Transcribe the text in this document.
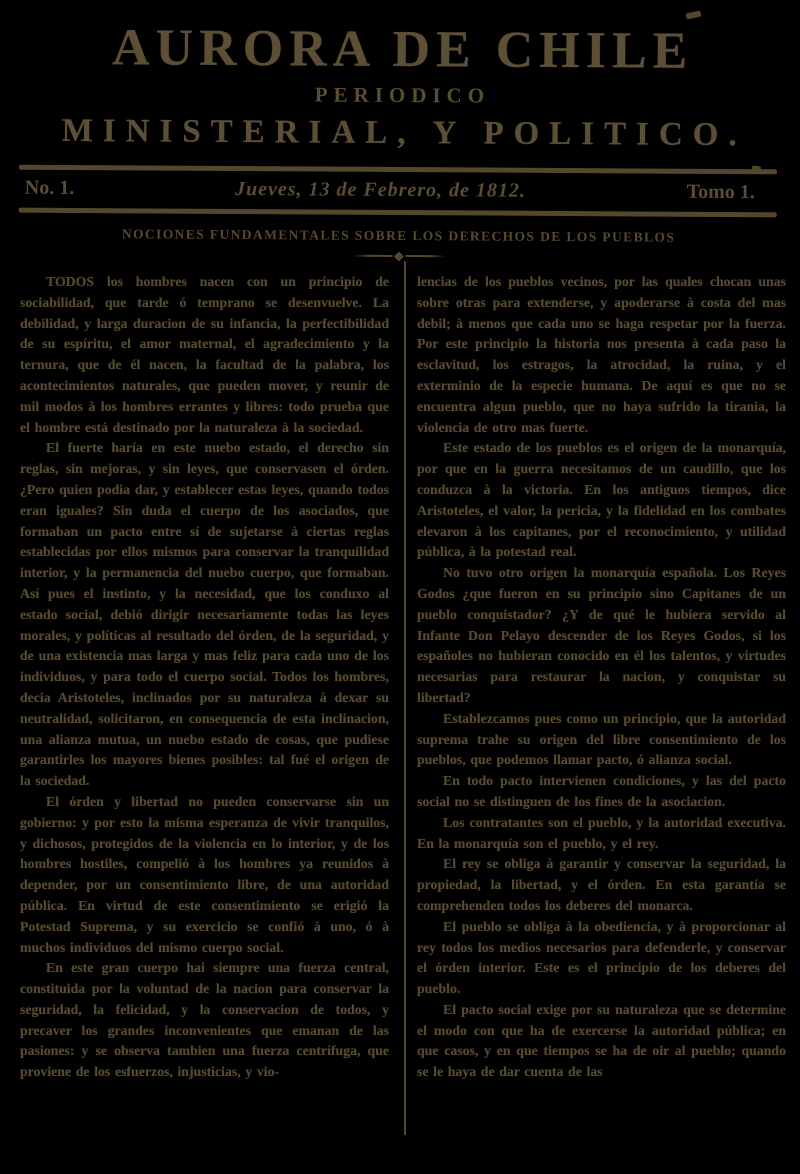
AURORA DE CHILE
PERIODICO
MINISTERIAL, Y POLITICO.
No. 1.	Jueves, 13 de Febrero, de 1812.	Tomo 1.
NOCIONES FUNDAMENTALES SOBRE LOS DERECHOS DE LOS PUEBLOS

TODOS los hombres nacen con un principio de sociabilidad, que tarde ó temprano se desenvuelve. La debilidad, y larga duracion de su infancia, la perfectibilidad de su espíritu, el amor maternal, el agradecimiento y la ternura, que de él nacen, la facultad de la palabra, los acontecimientos naturales, que pueden mover, y reunir de mil modos à los hombres errantes y libres: todo prueba que el hombre está destinado por la naturaleza à la sociedad.

El fuerte haría en este nuebo estado, el derecho sin reglas, sin mejoras, y sin leyes, que conservasen el órden. ¿Pero quien podia dar, y establecer estas leyes, quando todos eran iguales? Sin duda el cuerpo de los asociados, que formaban un pacto entre sí de sujetarse à ciertas reglas establecidas por ellos mismos para conservar la tranquilidad interior, y la permanencia del nuebo cuerpo, que formaban. Así pues el instinto, y la necesidad, que los conduxo al estado social, debió dirigir necesariamente todas las leyes morales, y políticas al resultado del órden, de la seguridad, y de una existencia mas larga y mas feliz para cada uno de los individuos, y para todo el cuerpo social. Todos los hombres, decia Aristoteles, inclinados por su naturaleza à dexar su neutralidad, solicitaron, en consequencia de esta inclinacion, una alianza mutua, un nuebo estado de cosas, que pudiese garantirles los mayores bienes posibles: tal fué el origen de la sociedad.

El órden y libertad no pueden conservarse sin un gobierno: y por esto la misma esperanza de vivir tranquilos, y dichosos, protegidos de la violencia en lo interior, y de los hombres hostiles, compelió à los hombres ya reunidos à depender, por un consentimiento libre, de una autoridad pública. En virtud de este consentimiento se erigió la Potestad Suprema, y su exercicio se confió à uno, ó à muchos individuos del mismo cuerpo social.

En este gran cuerpo hai siempre una fuerza central, constituida por la voluntad de la nacion para conservar la seguridad, la felicidad, y la conservacion de todos, y precaver los grandes inconvenientes que emanan de las pasiones: y se observa tambien una fuerza centrífuga, que proviene de los esfuerzos, injusticias, y vio-

lencias de los pueblos vecinos, por las quales chocan unas sobre otras para extenderse, y apoderarse à costa del mas debil; à menos que cada uno se haga respetar por la fuerza. Por este principio la historia nos presenta à cada paso la esclavitud, los estragos, la atrocidad, la ruina, y el exterminio de la especie humana. De aquí es que no se encuentra algun pueblo, que no haya sufrido la tirania, la violencia de otro mas fuerte.

Este estado de los pueblos es el origen de la monarquía, por que en la guerra necesitamos de un caudillo, que los conduzca à la victoria. En los antiguos tiempos, dice Aristoteles, el valor, la pericia, y la fidelidad en los combates elevaron à los capitanes, por el reconocimiento, y utilidad pública, à la potestad real.

No tuvo otro origen la monarquía española. Los Reyes Godos ¿que fueron en su principio sino Capitanes de un pueblo conquistador? ¿Y de qué le hubiera servido al Infante Don Pelayo descender de los Reyes Godos, si los españoles no hubieran conocido en él los talentos, y virtudes necesarias para restaurar la nacion, y conquistar su libertad?

Establezcamos pues como un principio, que la autoridad suprema trahe su origen del libre consentimiento de los pueblos, que podemos llamar pacto, ó alianza social.

En todo pacto intervienen condiciones, y las del pacto social no se distinguen de los fines de la asociacion.

Los contratantes son el pueblo, y la autoridad executiva. En la monarquía son el pueblo, y el rey.

El rey se obliga à garantir y conservar la seguridad, la propiedad, la libertad, y el órden. En esta garantía se comprehenden todos los deberes del monarca.

El pueblo se obliga à la obediencia, y à proporcionar al rey todos los medios necesarios para defenderle, y conservar el órden interior. Este es el principio de los deberes del pueblo.

El pacto social exige por su naturaleza que se determine el modo con que ha de exercerse la autoridad pública; en que casos, y en que tiempos se ha de oir al pueblo; quando se le haya de dar cuenta de las
